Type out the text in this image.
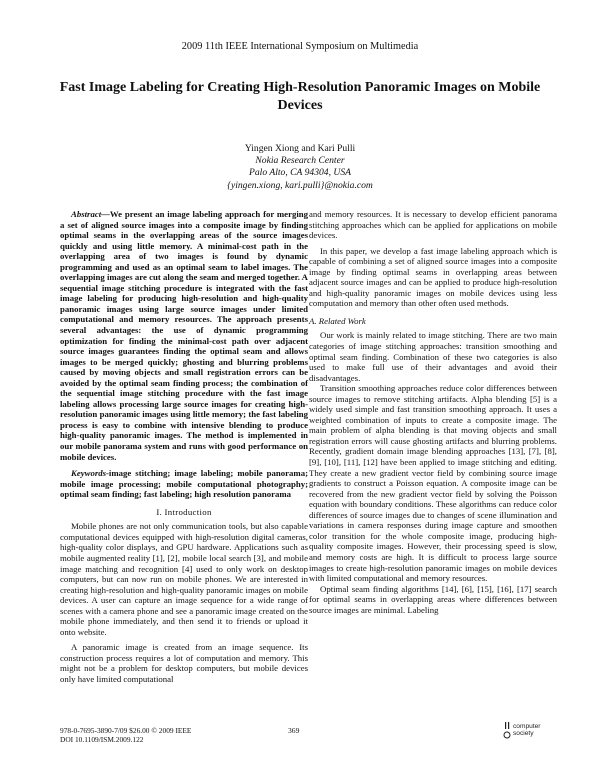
2009 11th IEEE International Symposium on Multimedia
Fast Image Labeling for Creating High-Resolution Panoramic Images on Mobile Devices
Yingen Xiong and Kari Pulli
Nokia Research Center
Palo Alto, CA 94304, USA
{yingen.xiong, kari.pulli}@nokia.com

Abstract—We present an image labeling approach for merging a set of aligned source images into a composite image by finding optimal seams in the overlapping areas of the source images quickly and using little memory. A minimal-cost path in the overlapping area of two images is found by dynamic programming and used as an optimal seam to label images. The overlapping images are cut along the seam and merged together. A sequential image stitching procedure is integrated with the fast image labeling for producing high-resolution and high-quality panoramic images using large source images under limited computational and memory resources. The approach presents several advantages: the use of dynamic programming optimization for finding the minimal-cost path over adjacent source images guarantees finding the optimal seam and allows images to be merged quickly; ghosting and blurring problems caused by moving objects and small registration errors can be avoided by the optimal seam finding process; the combination of the sequential image stitching procedure with the fast image labeling allows processing large source images for creating high-resolution panoramic images using little memory; the fast labeling process is easy to combine with intensive blending to produce high-quality panoramic images. The method is implemented in our mobile panorama system and runs with good performance on mobile devices.

Keywords-image stitching; image labeling; mobile panorama; mobile image processing; mobile computational photography; optimal seam finding; fast labeling; high resolution panorama

I. Introduction

Mobile phones are not only communication tools, but also capable computational devices equipped with high-resolution digital cameras, high-quality color displays, and GPU hardware. Applications such as mobile augmented reality [1], [2], mobile local search [3], and mobile image matching and recognition [4] used to only work on desktop computers, but can now run on mobile phones. We are interested in creating high-resolution and high-quality panoramic images on mobile devices. A user can capture an image sequence for a wide range of scenes with a camera phone and see a panoramic image created on the mobile phone immediately, and then send it to friends or upload it onto website.

A panoramic image is created from an image sequence. Its construction process requires a lot of computation and memory. This might not be a problem for desktop computers, but mobile devices only have limited computational

and memory resources. It is necessary to develop efficient panorama stitching approaches which can be applied for applications on mobile devices.

In this paper, we develop a fast image labeling approach which is capable of combining a set of aligned source images into a composite image by finding optimal seams in overlapping areas between adjacent source images and can be applied to produce high-resolution and high-quality panoramic images on mobile devices using less computation and memory than other often used methods.

A. Related Work

Our work is mainly related to image stitching. There are two main categories of image stitching approaches: transition smoothing and optimal seam finding. Combination of these two categories is also used to make full use of their advantages and avoid their disadvantages.

Transition smoothing approaches reduce color differences between source images to remove stitching artifacts. Alpha blending [5] is a widely used simple and fast transition smoothing approach. It uses a weighted combination of inputs to create a composite image. The main problem of alpha blending is that moving objects and small registration errors will cause ghosting artifacts and blurring problems. Recently, gradient domain image blending approaches [13], [7], [8], [9], [10], [11], [12] have been applied to image stitching and editing. They create a new gradient vector field by combining source image gradients to construct a Poisson equation. A composite image can be recovered from the new gradient vector field by solving the Poisson equation with boundary conditions. These algorithms can reduce color differences of source images due to changes of scene illumination and variations in camera responses during image capture and smoothen color transition for the whole composite image, producing high-quality composite images. However, their processing speed is slow, and memory costs are high. It is difficult to process large source images to create high-resolution panoramic images on mobile devices with limited computational and memory resources.

Optimal seam finding algorithms [14], [6], [15], [16], [17] search for optimal seams in overlapping areas where differences between source images are minimal. Labeling

978-0-7695-3890-7/09 $26.00 © 2009 IEEE
DOI 10.1109/ISM.2009.122
369	computer
society
